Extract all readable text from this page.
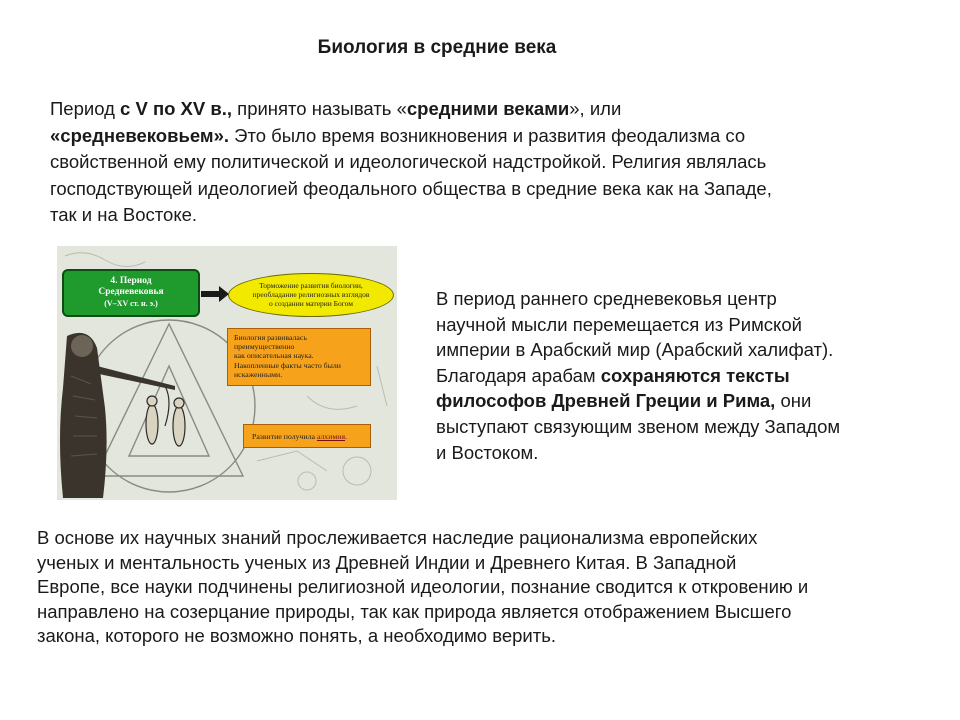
Биология в средние века
Период с V по XV в., принято называть «средними веками», или
«средневековьем». Это было время возникновения и развития феодализма со
свойственной ему политической и идеологической надстройкой. Религия являлась
господствующей идеологией феодального общества в средние века как на Западе,
так и на Востоке.
4. Период
Средневековья
(V–XV ст. н. э.)
Торможение развития биологии,
преобладание религиозных взглядов
о создании материи Богом
Биология развивалась
преимущественно
как описательная наука.
Накопленные факты часто были
искаженными.
Развитие получила алхимия.
В период раннего средневековья центр
научной мысли перемещается из Римской
империи в Арабский мир (Арабский халифат).
Благодаря арабам сохраняются тексты
философов Древней Греции и Рима, они
выступают связующим звеном между Западом
и Востоком.
В основе их научных знаний прослеживается наследие рационализма европейских
ученых и ментальность ученых из Древней Индии и Древнего Китая. В Западной
Европе, все науки подчинены религиозной идеологии, познание сводится к откровению и
направлено на созерцание природы, так как природа является отображением Высшего
закона, которого не возможно понять, а необходимо верить.
